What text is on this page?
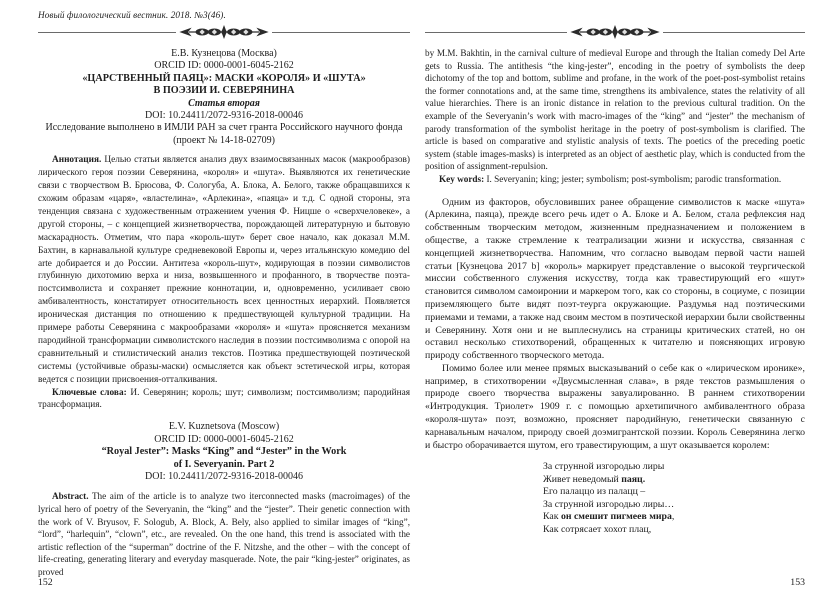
Новый филологический вестник. 2018. №3(46).
Е.В. Кузнецова (Москва)
ORCID ID: 0000-0001-6045-2162
«ЦАРСТВЕННЫЙ ПАЯЦ»: МАСКИ «КОРОЛЯ» И «ШУТА»
В ПОЭЗИИ И. СЕВЕРЯНИНА
Статья вторая
DOI: 10.24411/2072-9316-2018-00046
Исследование выполнено в ИМЛИ РАН за счет гранта Российского научного фонда (проект № 14-18-02709)

Аннотация. Целью статьи является анализ двух взаимосвязанных масок (макрообразов) лирического героя поэзии Северянина, «короля» и «шута». Выявляются их генетические связи с творчеством В. Брюсова, Ф. Сологуба, А. Блока, А. Белого, также обращавшихся к схожим образам «царя», «властелина», «Арлекина», «паяца» и т.д. С одной стороны, эта тенденция связана с художественным отражением учения Ф. Ницше о «сверхчеловеке», а другой стороны, – с концепцией жизнетворчества, порождающей литературную и бытовую маскарадность. Отметим, что пара «король-шут» берет свое начало, как доказал М.М. Бахтин, в карнавальной культуре средневековой Европы и, через итальянскую комедию del arte добирается и до России. Антитеза «король-шут», кодирующая в поэзии символистов глубинную дихотомию верха и низа, возвышенного и профанного, в творчестве поэта-постсимволиста и сохраняет прежние коннотации, и, одновременно, усиливает свою амбивалентность, констатирует относительность всех ценностных иерархий. Появляется ироническая дистанция по отношению к предшествующей культурной традиции. На примере работы Северянина с макрообразами «короля» и «шута» проясняется механизм пародийной трансформации символистского наследия в поэзии постсимволизма с опорой на сравнительный и стилистический анализ текстов. Поэтика предшествующей поэтической системы (устойчивые образы-маски) осмысляется как объект эстетической игры, которая ведется с позиции присвоения-отталкивания.

Ключевые слова: И. Северянин; король; шут; символизм; постсимволизм; пародийная трансформация.

E.V. Kuznetsova (Moscow)
ORCID ID: 0000-0001-6045-2162
“Royal Jester”: Masks “King” and “Jester” in the Work
of I. Severyanin. Part 2
DOI: 10.24411/2072-9316-2018-00046

Abstract. The aim of the article is to analyze two iterconnected masks (macroimages) of the lyrical hero of poetry of the Severyanin, the “king” and the “jester”. Their genetic connection with the work of V. Bryusov, F. Sologub, A. Block, A. Bely, also applied to similar images of “king”, “lord”, “harlequin”, “clown”, etc., are revealed. On the one hand, this trend is associated with the artistic reflection of the “superman” doctrine of the F. Nitzshe, and the other – with the concept of life-creating, generating literary and everyday masquerade. Note, the pair “king-jester” originates, as proved

by M.M. Bakhtin, in the carnival culture of medieval Europe and through the Italian comedy Del Arte gets to Russia. The antithesis “the king-jester”, encoding in the poetry of symbolists the deep dichotomy of the top and bottom, sublime and profane, in the work of the poet-post-symbolist retains the former connotations and, at the same time, strengthens its ambivalence, states the relativity of all value hierarchies. There is an ironic distance in relation to the previous cultural tradition. On the example of the Severyanin’s work with macro-images of the “king” and “jester” the mechanism of parody transformation of the symbolist heritage in the poetry of post-symbolism is clarified. The article is based on comparative and stylistic analysis of texts. The poetics of the preceding poetic system (stable images-masks) is interpreted as an object of aesthetic play, which is conducted from the position of assignment-repulsion.

Key words: I. Severyanin; king; jester; symbolism; post-symbolism; parodic transformation.

Одним из факторов, обусловивших ранее обращение символистов к маске «шута» (Арлекина, паяца), прежде всего речь идет о А. Блоке и А. Белом, стала рефлексия над собственным творческим методом, жизненным предназначением и положением в обществе, а также стремление к театрализации жизни и искусства, связанная с концепцией жизнетворчества. Напомним, что согласно выводам первой части нашей статьи [Кузнецова 2017 b] «король» маркирует представление о высокой теургической миссии собственного служения искусству, тогда как травестирующий его «шут» становится символом самоиронии и маркером того, как со стороны, в социуме, с позиции приземляющего быте видят поэт-теурга окружающие. Раздумья над поэтическими приемами и темами, а также над своим местом в поэтической иерархии были свойственны и Северянину. Хотя они и не выплеснулись на страницы критических статей, но он оставил несколько стихотворений, обращенных к читателю и поясняющих игровую природу собственного творческого метода.

Помимо более или менее прямых высказываний о себе как о «лирическом иронике», например, в стихотворении «Двусмысленная слава», в ряде текстов размышления о природе своего творчества выражены завуалированно. В раннем стихотворении «Интродукция. Триолет» 1909 г. с помощью архетипичного амбивалентного образа «короля-шута» поэт, возможно, проясняет пародийную, генетически связанную с карнавальным началом, природу своей доэмигрантской поэзии. Король Северянина легко и быстро оборачивается шутом, его травестирующим, а шут оказывается королем:

За струнной изгородью лиры
Живет неведомый паяц.
Его палаццо из палацц –
За струнной изгородью лиры…
Как он смешит пигмеев мира,
Как сотрясает хохот плац,
152	153
